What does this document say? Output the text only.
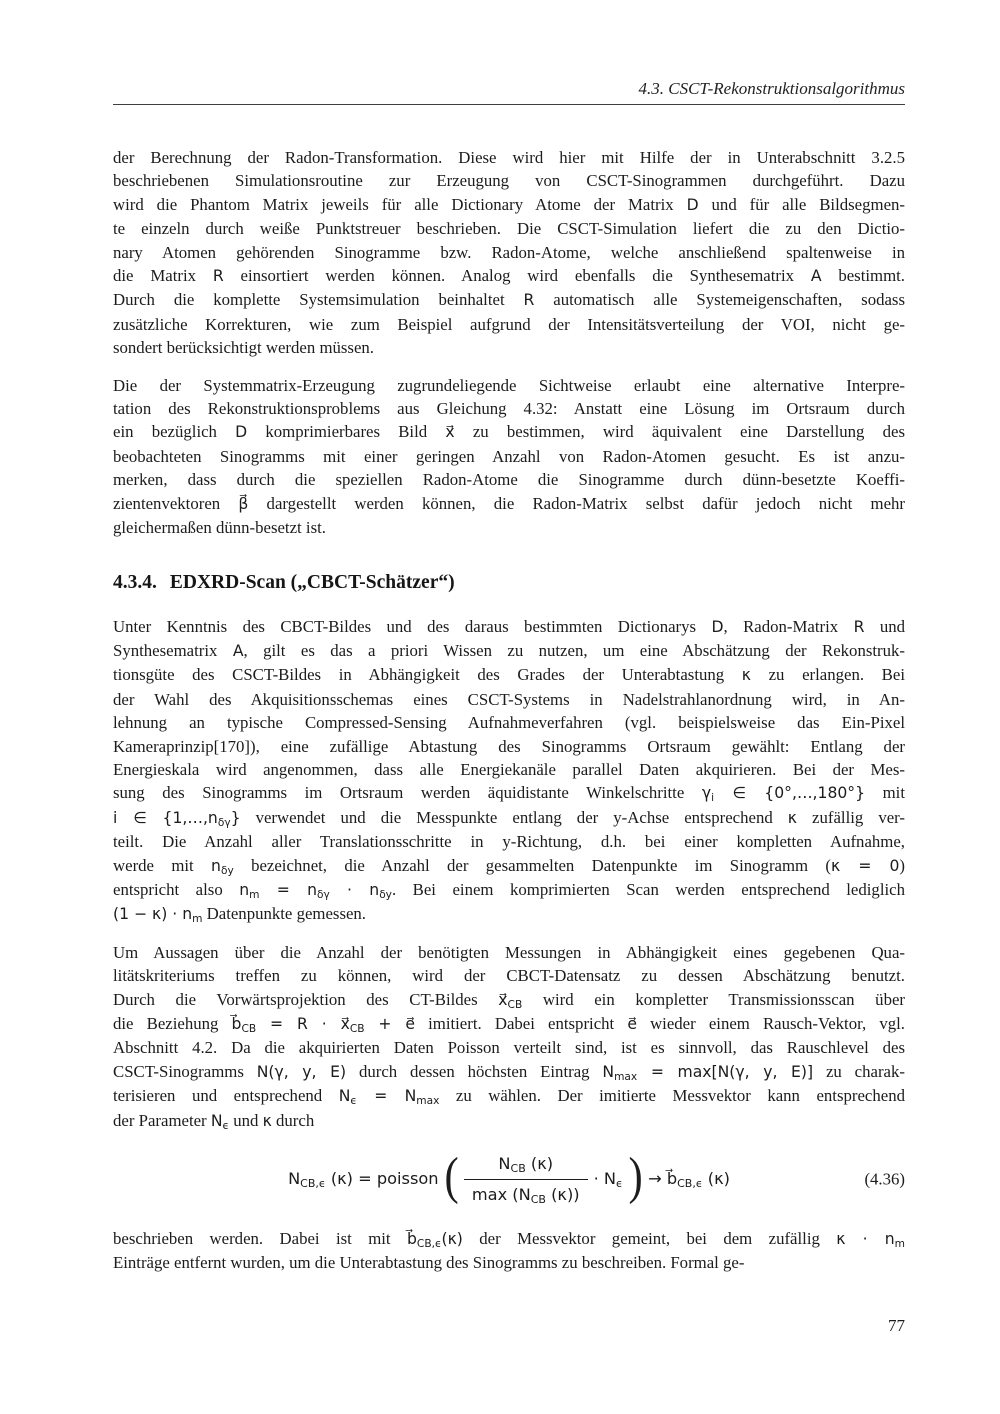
4.3. CSCT-Rekonstruktionsalgorithmus
der Berechnung der Radon-Transformation. Diese wird hier mit Hilfe der in Unterabschnitt 3.2.5
beschriebenen Simulationsroutine zur Erzeugung von CSCT-Sinogrammen durchgeführt. Dazu
wird die Phantom Matrix jeweils für alle Dictionary Atome der Matrix D und für alle Bildsegmen-
te einzeln durch weiße Punktstreuer beschrieben. Die CSCT-Simulation liefert die zu den Dictio-
nary Atomen gehörenden Sinogramme bzw. Radon-Atome, welche anschließend spaltenweise in
die Matrix R einsortiert werden können. Analog wird ebenfalls die Synthesematrix A bestimmt.
Durch die komplette Systemsimulation beinhaltet R automatisch alle Systemeigenschaften, sodass
zusätzliche Korrekturen, wie zum Beispiel aufgrund der Intensitätsverteilung der VOI, nicht ge-
sondert berücksichtigt werden müssen.
Die der Systemmatrix-Erzeugung zugrundeliegende Sichtweise erlaubt eine alternative Interpre-
tation des Rekonstruktionsproblems aus Gleichung 4.32: Anstatt eine Lösung im Ortsraum durch
ein bezüglich D komprimierbares Bild x⃗ zu bestimmen, wird äquivalent eine Darstellung des
beobachteten Sinogramms mit einer geringen Anzahl von Radon-Atomen gesucht. Es ist anzu-
merken, dass durch die speziellen Radon-Atome die Sinogramme durch dünn-besetzte Koeffi-
zientenvektoren β⃗ dargestellt werden können, die Radon-Matrix selbst dafür jedoch nicht mehr
gleichermaßen dünn-besetzt ist.
4.3.4. EDXRD-Scan („CBCT-Schätzer“)
Unter Kenntnis des CBCT-Bildes und des daraus bestimmten Dictionarys D, Radon-Matrix R und
Synthesematrix A, gilt es das a priori Wissen zu nutzen, um eine Abschätzung der Rekonstruk-
tionsgüte des CSCT-Bildes in Abhängigkeit des Grades der Unterabtastung κ zu erlangen. Bei
der Wahl des Akquisitionsschemas eines CSCT-Systems in Nadelstrahlanordnung wird, in An-
lehnung an typische Compressed-Sensing Aufnahmeverfahren (vgl. beispielsweise das Ein-Pixel
Kameraprinzip[170]), eine zufällige Abtastung des Sinogramms Ortsraum gewählt: Entlang der
Energieskala wird angenommen, dass alle Energiekanäle parallel Daten akquirieren. Bei der Mes-
sung des Sinogramms im Ortsraum werden äquidistante Winkelschritte $\gamma_i$ ∈ {0°,…,180°} mit
i ∈ $\{1,\dots,n_{\delta\gamma}\}$ verwendet und die Messpunkte entlang der y-Achse entsprechend κ zufällig ver-
teilt. Die Anzahl aller Translationsschritte in y-Richtung, d.h. bei einer kompletten Aufnahme,
werde mit $n_{\delta y}$ bezeichnet, die Anzahl der gesammelten Datenpunkte im Sinogramm (κ = 0)
entspricht also $n_m = n_{\delta\gamma} \cdot n_{\delta y}$. Bei einem komprimierten Scan werden entsprechend lediglich
$(1 - \kappa) \cdot n_m$ Datenpunkte gemessen.
Um Aussagen über die Anzahl der benötigten Messungen in Abhängigkeit eines gegebenen Qua-
litätskriteriums treffen zu können, wird der CBCT-Datensatz zu dessen Abschätzung benutzt.
Durch die Vorwärtsprojektion des CT-Bildes $x⃗_{CB}$ wird ein kompletter Transmissionsscan über
die Beziehung $b⃗_{CB} = R$ · $x⃗_{CB}$ + e⃗ imitiert. Dabei entspricht e⃗ wieder einem Rausch-Vektor, vgl.
Abschnitt 4.2. Da die akquirierten Daten Poisson verteilt sind, ist es sinnvoll, das Rauschlevel des
CSCT-Sinogramms N(γ, y, E) durch dessen höchsten Eintrag $N_{max} = \max[N(\gamma$, y, E)] zu charak-
terisieren und entsprechend $N_\epsilon = N_{max}$ zu wählen. Der imitierte Messvektor kann entsprechend
der Parameter $N_\epsilon$ und κ durch
$N_{CB,\epsilon}$ (κ) = poisson ( $\frac{N_{CB} (\kappa)}{\max (N_{CB} (\kappa))} \cdot N_\epsilon$ ) → $b⃗_{CB,\epsilon}$ (κ)	(4.36)
beschrieben werden. Dabei ist mit $b⃗_{CB,\epsilon}(\kappa)$ der Messvektor gemeint, bei dem zufällig $\kappa \cdot n_m$
Einträge entfernt wurden, um die Unterabtastung des Sinogramms zu beschreiben. Formal ge-
77
